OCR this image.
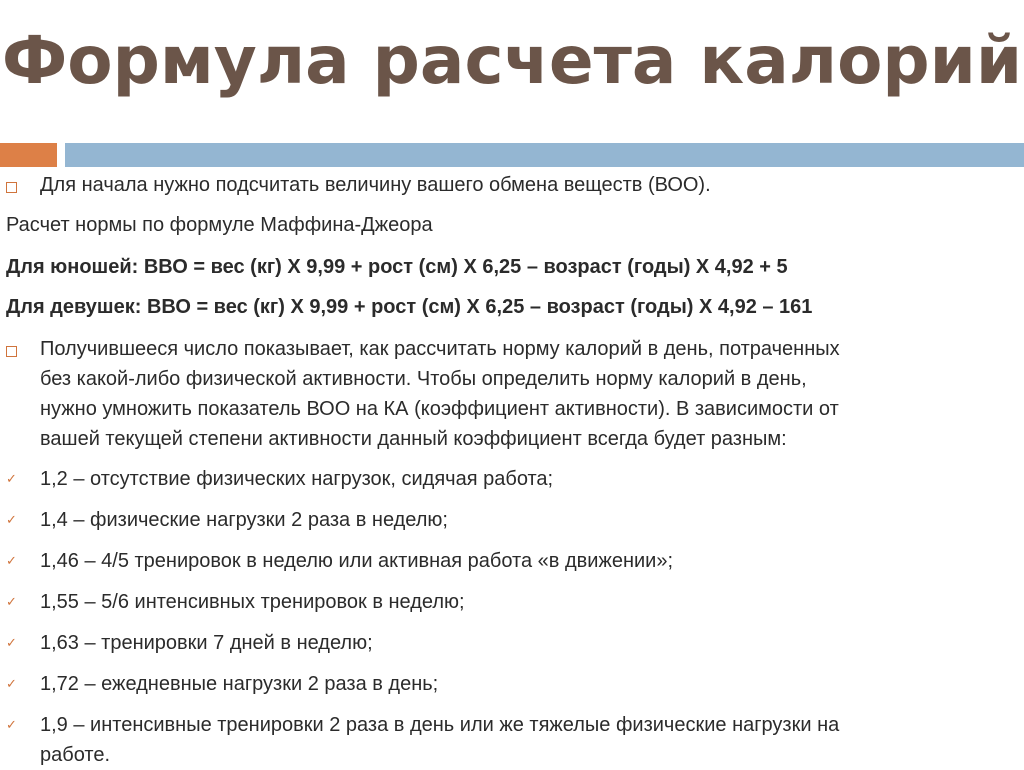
Формула расчета калорий
Для начала нужно подсчитать величину вашего обмена веществ (ВОО).
Расчет нормы по формуле Маффина-Джеора
Для юношей: ВВО = вес (кг) Х 9,99 + рост (см) Х 6,25 – возраст (годы) Х 4,92 + 5
Для девушек: ВВО = вес (кг) Х 9,99 + рост (см) Х 6,25 – возраст (годы) Х 4,92 – 161
Получившееся число показывает, как рассчитать норму калорий в день, потраченных
без какой-либо физической активности. Чтобы определить норму калорий в день,
нужно умножить показатель ВОО на КА (коэффициент активности). В зависимости от
вашей текущей степени активности данный коэффициент всегда будет разным:
✓	1,2 – отсутствие физических нагрузок, сидячая работа;
✓	1,4 – физические нагрузки 2 раза в неделю;
✓	1,46 – 4/5 тренировок в неделю или активная работа «в движении»;
✓	1,55 – 5/6 интенсивных тренировок в неделю;
✓	1,63 – тренировки 7 дней в неделю;
✓	1,72 – ежедневные нагрузки 2 раза в день;
✓	1,9 – интенсивные тренировки 2 раза в день или же тяжелые физические нагрузки на
работе.
